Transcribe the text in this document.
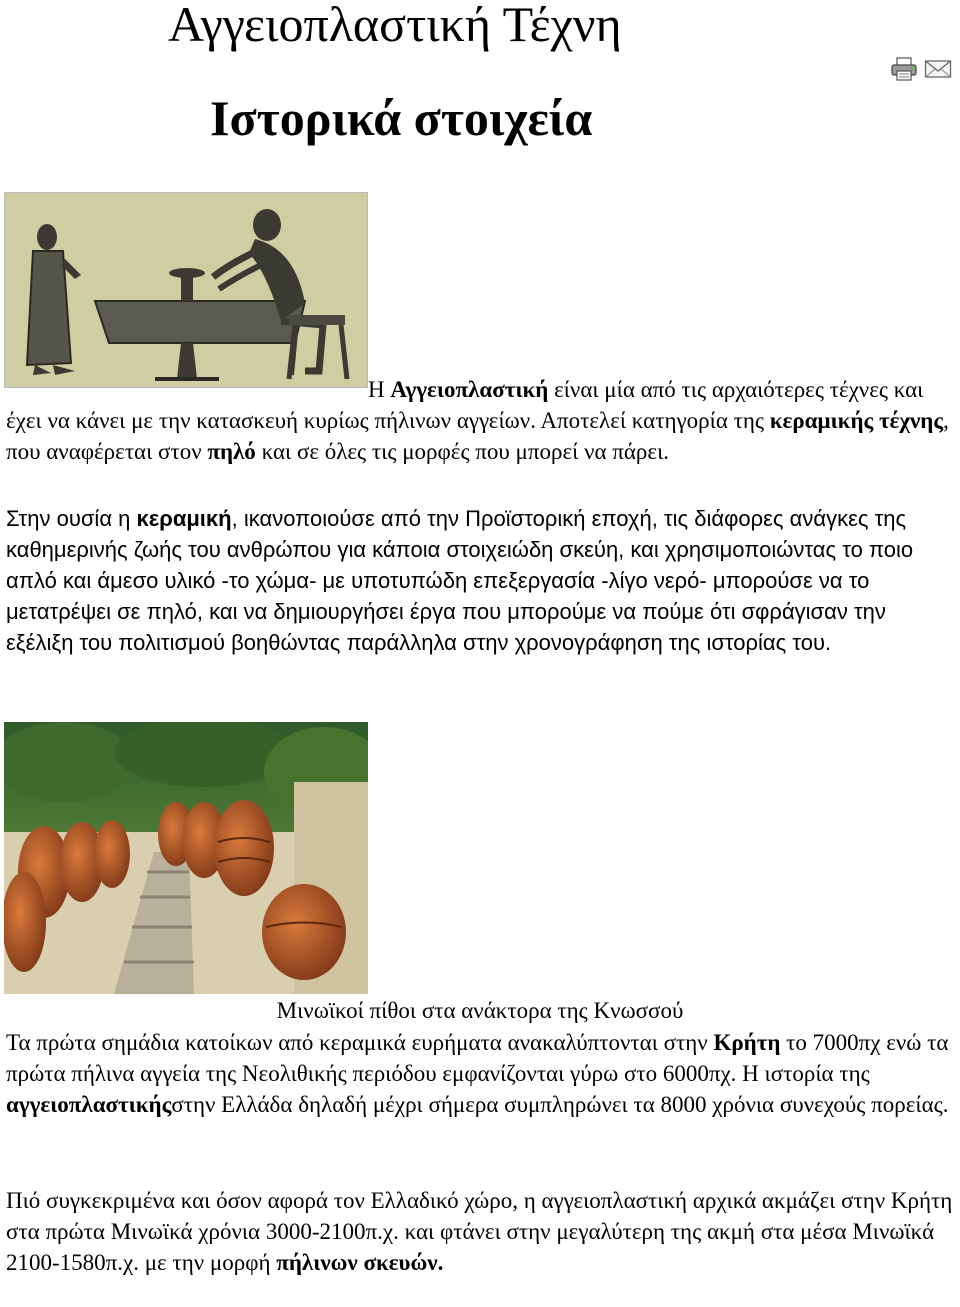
Αγγειοπλαστική Τέχνη
Ιστορικά στοιχεία

Η Αγγειοπλαστική είναι μία από τις αρχαιότερες τέχνες και έχει να κάνει με την κατασκευή κυρίως πήλινων αγγείων. Αποτελεί κατηγορία της κεραμικής τέχνης, που αναφέρεται στον πηλό και σε όλες τις μορφές που μπορεί να πάρει.

Στην ουσία η κεραμική, ικανοποιούσε από την Προϊστορική εποχή, τις διάφορες ανάγκες της καθημερινής ζωής του ανθρώπου για κάποια στοιχειώδη σκεύη, και χρησιμοποιώντας το ποιο απλό και άμεσο υλικό -το χώμα- με υποτυπώδη επεξεργασία -λίγο νερό- μπορούσε να το μετατρέψει σε πηλό, και να δημιουργήσει έργα που μπορούμε να πούμε ότι σφράγισαν την εξέλιξη του πολιτισμού βοηθώντας παράλληλα στην χρονογράφηση της ιστορίας του.

Μινωϊκοί πίθοι στα ανάκτορα της Κνωσσού

Τα πρώτα σημάδια κατοίκων από κεραμικά ευρήματα ανακαλύπτονται στην Κρήτη το 7000πχ ενώ τα πρώτα πήλινα αγγεία της Νεολιθικής περιόδου εμφανίζονται γύρω στο 6000πχ. Η ιστορία της αγγειοπλαστικήςστην Ελλάδα δηλαδή μέχρι σήμερα συμπληρώνει τα 8000 χρόνια συνεχούς πορείας.

Πιό συγκεκριμένα και όσον αφορά τον Ελλαδικό χώρο, η αγγειοπλαστική αρχικά ακμάζει στην Κρήτη στα πρώτα Μινωϊκά χρόνια 3000-2100π.χ. και φτάνει στην μεγαλύτερη της ακμή στα μέσα Μινωϊκά 2100-1580π.χ. με την μορφή πήλινων σκευών.
